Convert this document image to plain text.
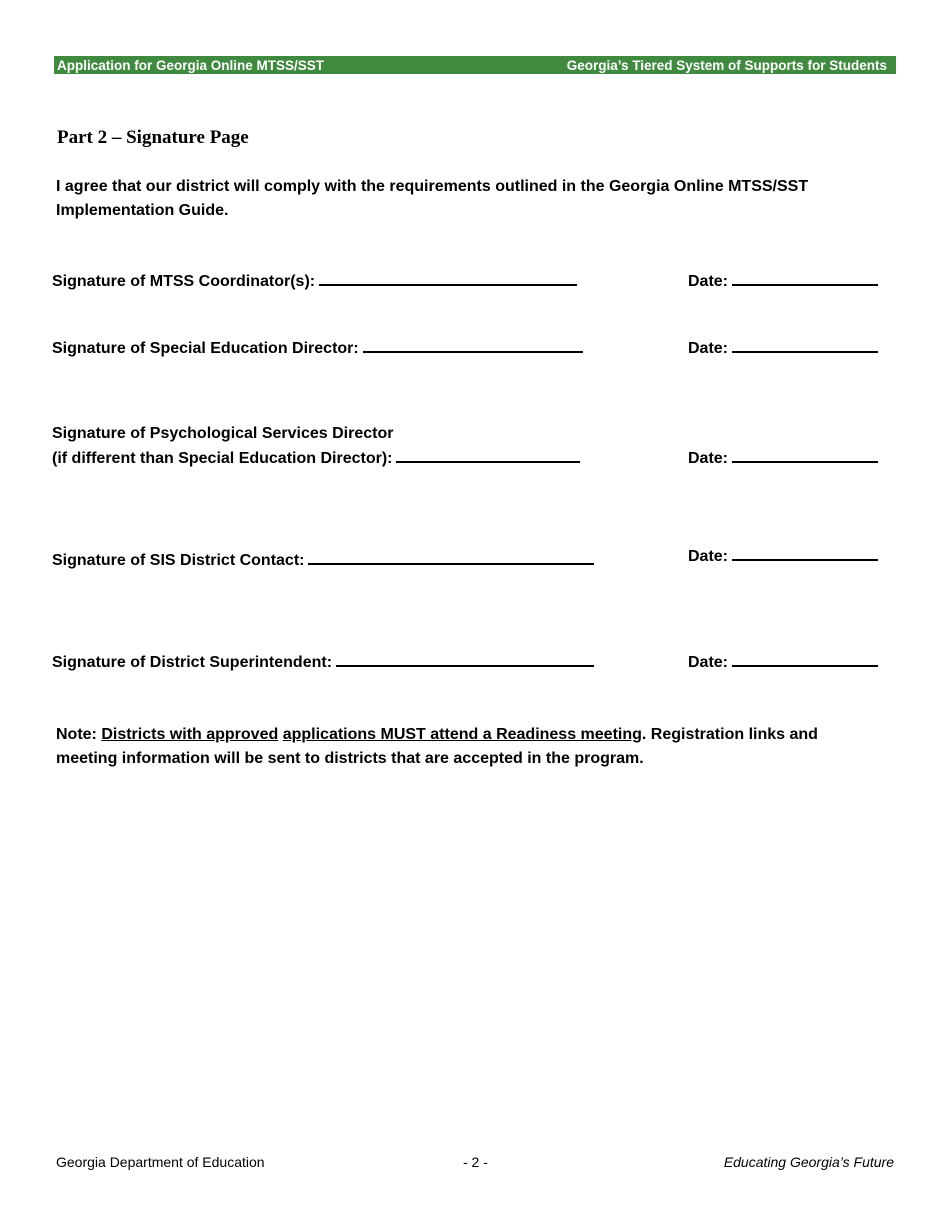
Application for Georgia Online MTSS/SST	Georgia’s Tiered System of Supports for Students
Part 2 – Signature Page
I agree that our district will comply with the requirements outlined in the Georgia Online MTSS/SST Implementation Guide.
Signature of MTSS Coordinator(s):	Date:
Signature of Special Education Director:	Date:
Signature of Psychological Services Director
(if different than Special Education Director):	Date:
Signature of SIS District Contact:	Date:
Signature of District Superintendent:	Date:
Note: Districts with approved applications MUST attend a Readiness meeting. Registration links and meeting information will be sent to districts that are accepted in the program.
Georgia Department of Education	- 2 -	Educating Georgia’s Future
